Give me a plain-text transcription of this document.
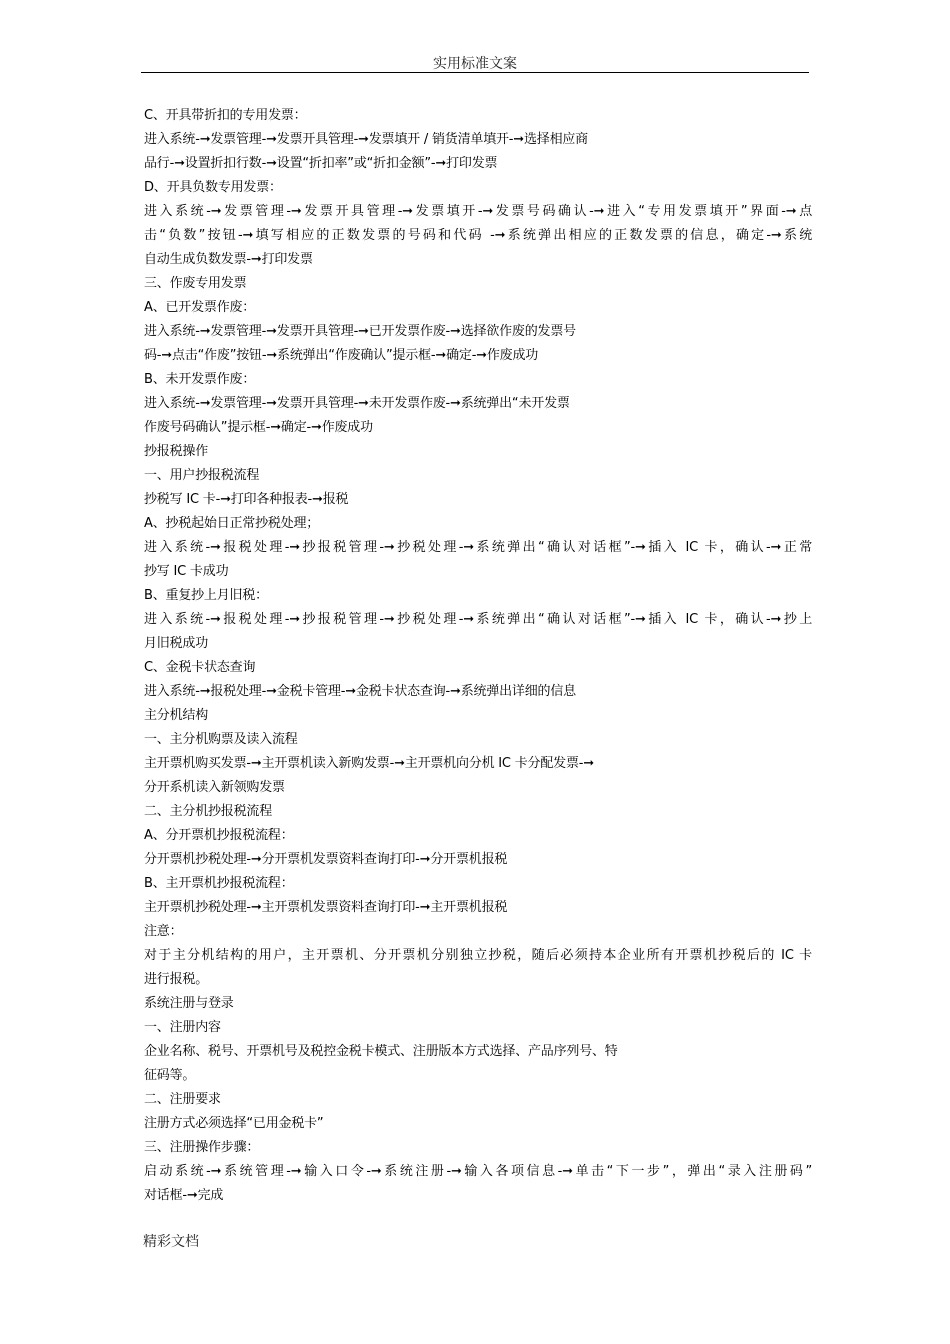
实用标准文案
C、开具带折扣的专用发票：
进入系统-➞发票管理-➞发票开具管理-➞发票填开 / 销货清单填开-➞选择相应商
品行-➞设置折扣行数-➞设置“折扣率”或“折扣金额”-➞打印发票
D、开具负数专用发票：
进入系统-➞发票管理-➞发票开具管理-➞发票填开-➞发票号码确认-➞进入“专用发票填开”界面-➞点
击“负数”按钮-➞填写相应的正数发票的号码和代码 -➞系统弹出相应的正数发票的信息，确定-➞系统
自动生成负数发票-➞打印发票
三、作废专用发票
A、已开发票作废：
进入系统-➞发票管理-➞发票开具管理-➞已开发票作废-➞选择欲作废的发票号
码-➞点击“作废”按钮-➞系统弹出“作废确认”提示框-➞确定-➞作废成功
B、未开发票作废：
进入系统-➞发票管理-➞发票开具管理-➞未开发票作废-➞系统弹出“未开发票
作废号码确认”提示框-➞确定-➞作废成功
抄报税操作
一、用户抄报税流程
抄税写 IC 卡-➞打印各种报表-➞报税
A、抄税起始日正常抄税处理；
进入系统-➞报税处理-➞抄报税管理-➞抄税处理-➞系统弹出“确认对话框”-➞插入 IC 卡，确认-➞正常
抄写 IC 卡成功
B、重复抄上月旧税：
进入系统-➞报税处理-➞抄报税管理-➞抄税处理-➞系统弹出“确认对话框”-➞插入 IC 卡，确认-➞抄上
月旧税成功
C、金税卡状态查询
进入系统-➞报税处理-➞金税卡管理-➞金税卡状态查询-➞系统弹出详细的信息
主分机结构
一、主分机购票及读入流程
主开票机购买发票-➞主开票机读入新购发票-➞主开票机向分机 IC 卡分配发票-➞
分开系机读入新领购发票
二、主分机抄报税流程
A、分开票机抄报税流程：
分开票机抄税处理-➞分开票机发票资料查询打印-➞分开票机报税
B、主开票机抄报税流程：
主开票机抄税处理-➞主开票机发票资料查询打印-➞主开票机报税
注意：
对于主分机结构的用户，主开票机、分开票机分别独立抄税，随后必须持本企业所有开票机抄税后的 IC 卡
进行报税。
系统注册与登录
一、注册内容
企业名称、税号、开票机号及税控金税卡模式、注册版本方式选择、产品序列号、特
征码等。
二、注册要求
注册方式必须选择“已用金税卡”
三、注册操作步骤：
启动系统-➞系统管理-➞输入口令-➞系统注册-➞输入各项信息-➞单击“下一步”，弹出“录入注册码”
对话框-➞完成
精彩文档
